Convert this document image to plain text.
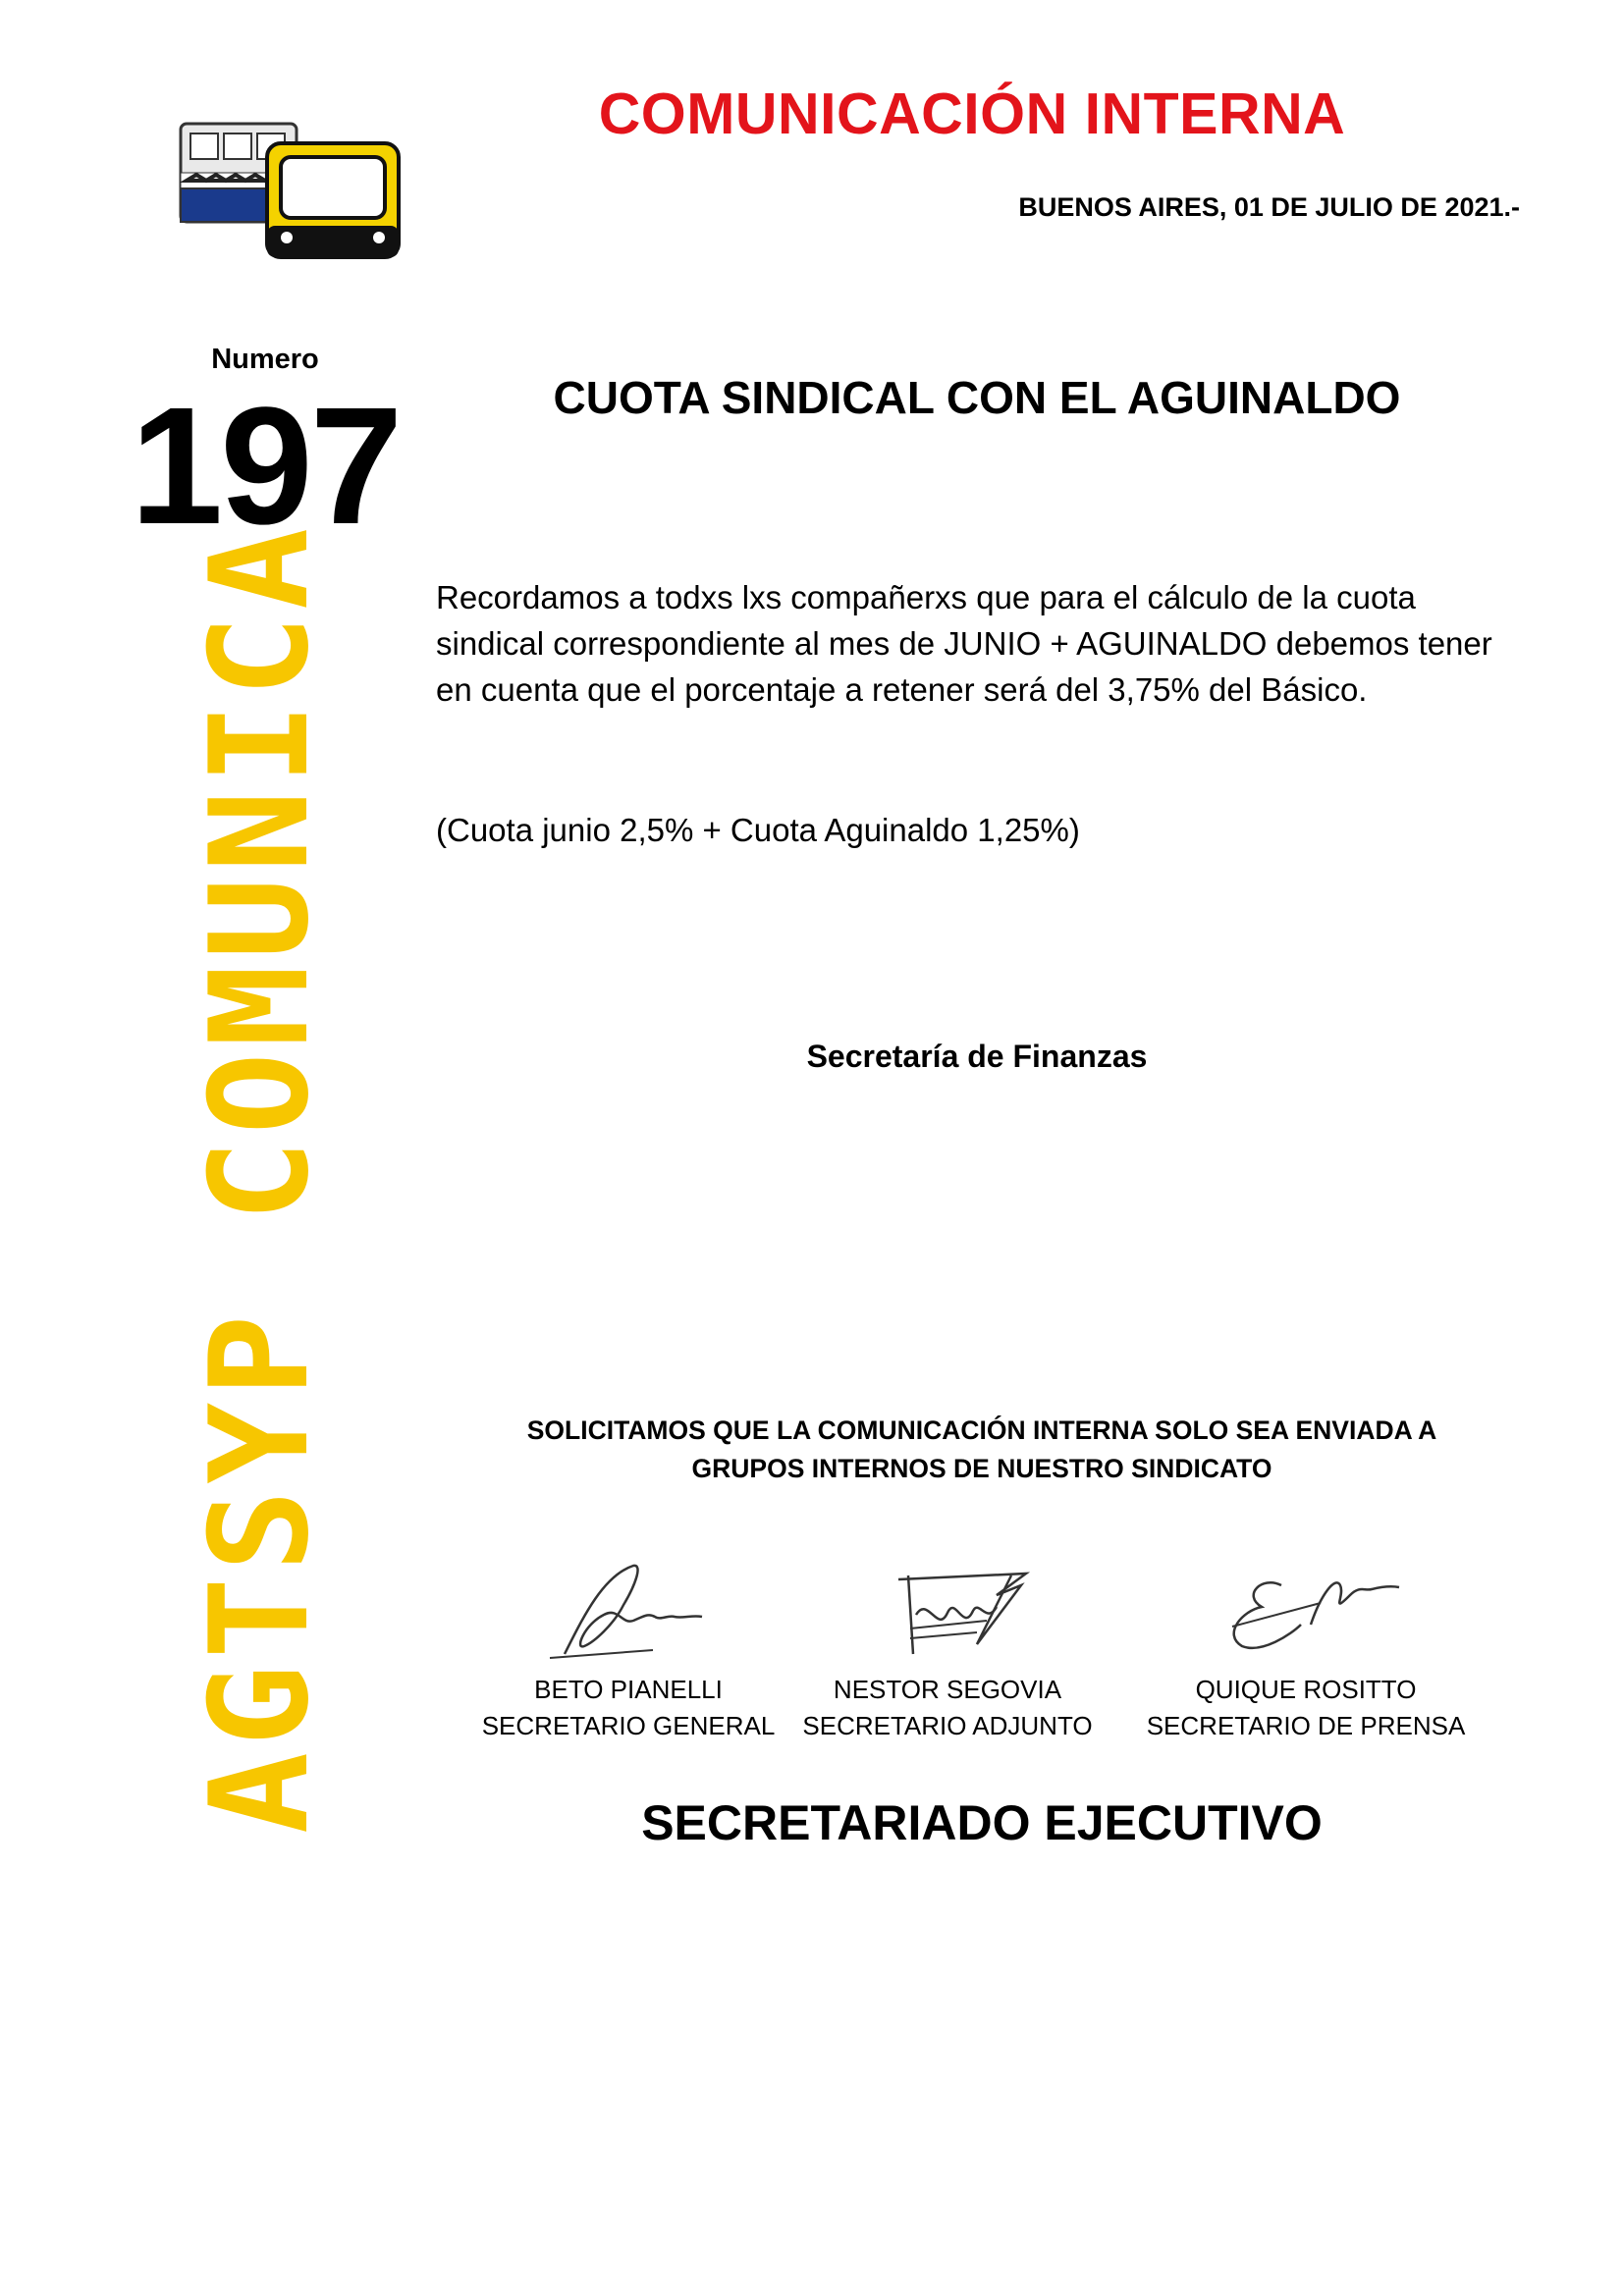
COMUNICACIÓN INTERNA
BUENOS AIRES, 01 DE JULIO DE 2021.-
Numero
197
AGTSYP COMUNICA
CUOTA SINDICAL CON EL AGUINALDO
Recordamos a todxs lxs compañerxs que para el cálculo de la cuota sindical correspondiente al mes de JUNIO + AGUINALDO debemos tener en cuenta que el porcentaje a retener será del 3,75% del Básico.
(Cuota junio 2,5% + Cuota Aguinaldo 1,25%)
Secretaría de Finanzas
SOLICITAMOS QUE LA COMUNICACIÓN INTERNA SOLO SEA ENVIADA A
GRUPOS INTERNOS DE NUESTRO SINDICATO
BETO PIANELLI
SECRETARIO GENERAL
NESTOR SEGOVIA
SECRETARIO ADJUNTO
QUIQUE ROSITTO
SECRETARIO DE PRENSA
SECRETARIADO EJECUTIVO
